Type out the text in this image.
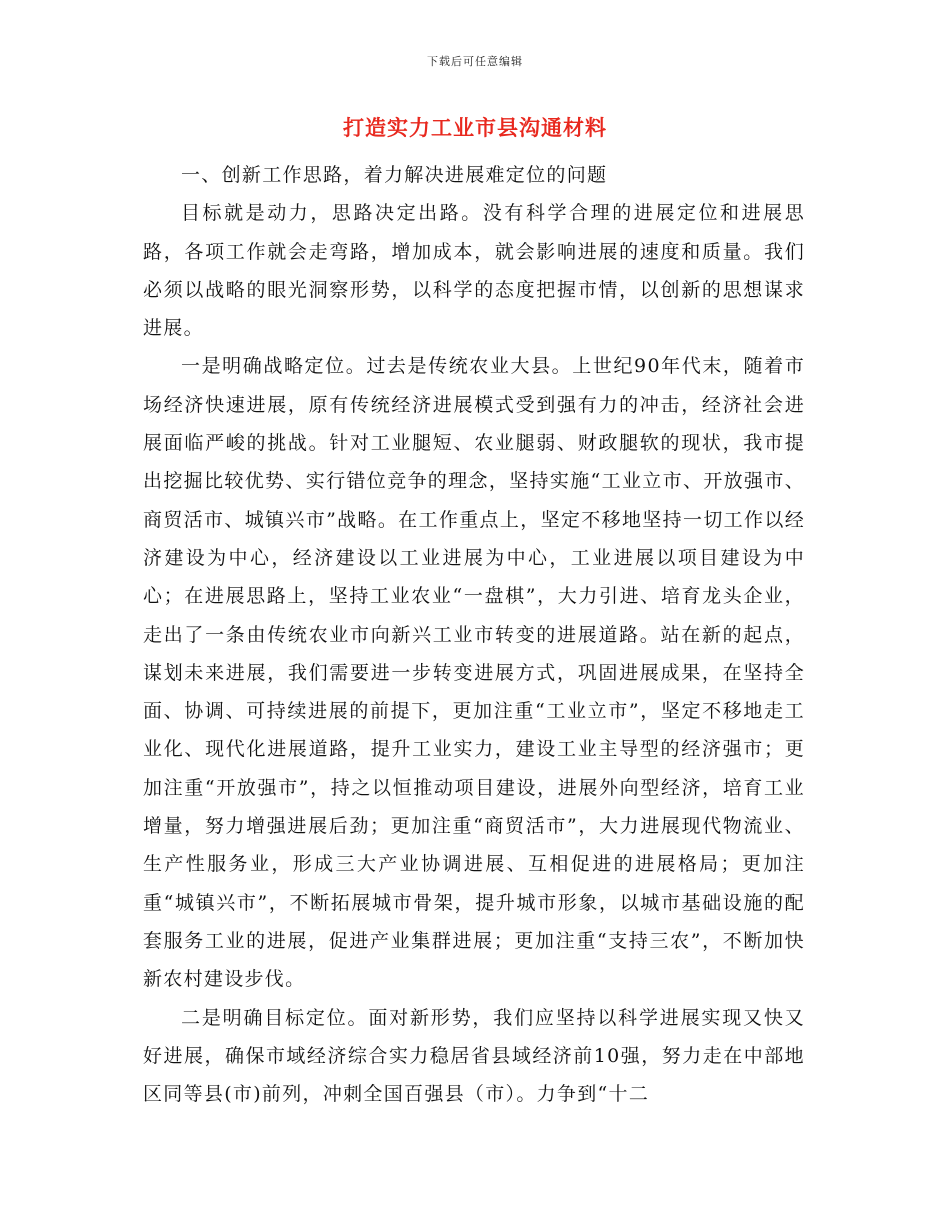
下载后可任意编辑
打造实力工业市县沟通材料

一、创新工作思路，着力解决进展难定位的问题

目标就是动力，思路决定出路。没有科学合理的进展定位和进展思路，各项工作就会走弯路，增加成本，就会影响进展的速度和质量。我们必须以战略的眼光洞察形势，以科学的态度把握市情，以创新的思想谋求进展。

一是明确战略定位。过去是传统农业大县。上世纪90年代末，随着市场经济快速进展，原有传统经济进展模式受到强有力的冲击，经济社会进展面临严峻的挑战。针对工业腿短、农业腿弱、财政腿软的现状，我市提出挖掘比较优势、实行错位竞争的理念，坚持实施“工业立市、开放强市、商贸活市、城镇兴市”战略。在工作重点上，坚定不移地坚持一切工作以经济建设为中心，经济建设以工业进展为中心，工业进展以项目建设为中心；在进展思路上，坚持工业农业“一盘棋”，大力引进、培育龙头企业，走出了一条由传统农业市向新兴工业市转变的进展道路。站在新的起点，谋划未来进展，我们需要进一步转变进展方式，巩固进展成果，在坚持全面、协调、可持续进展的前提下，更加注重“工业立市”，坚定不移地走工业化、现代化进展道路，提升工业实力，建设工业主导型的经济强市；更加注重“开放强市”，持之以恒推动项目建设，进展外向型经济，培育工业增量，努力增强进展后劲；更加注重“商贸活市”，大力进展现代物流业、生产性服务业，形成三大产业协调进展、互相促进的进展格局；更加注重“城镇兴市”，不断拓展城市骨架，提升城市形象，以城市基础设施的配套服务工业的进展，促进产业集群进展；更加注重“支持三农”，不断加快新农村建设步伐。

二是明确目标定位。面对新形势，我们应坚持以科学进展实现又快又好进展，确保市域经济综合实力稳居省县域经济前10强，努力走在中部地区同等县(市)前列，冲刺全国百强县（市）。力争到“十二
